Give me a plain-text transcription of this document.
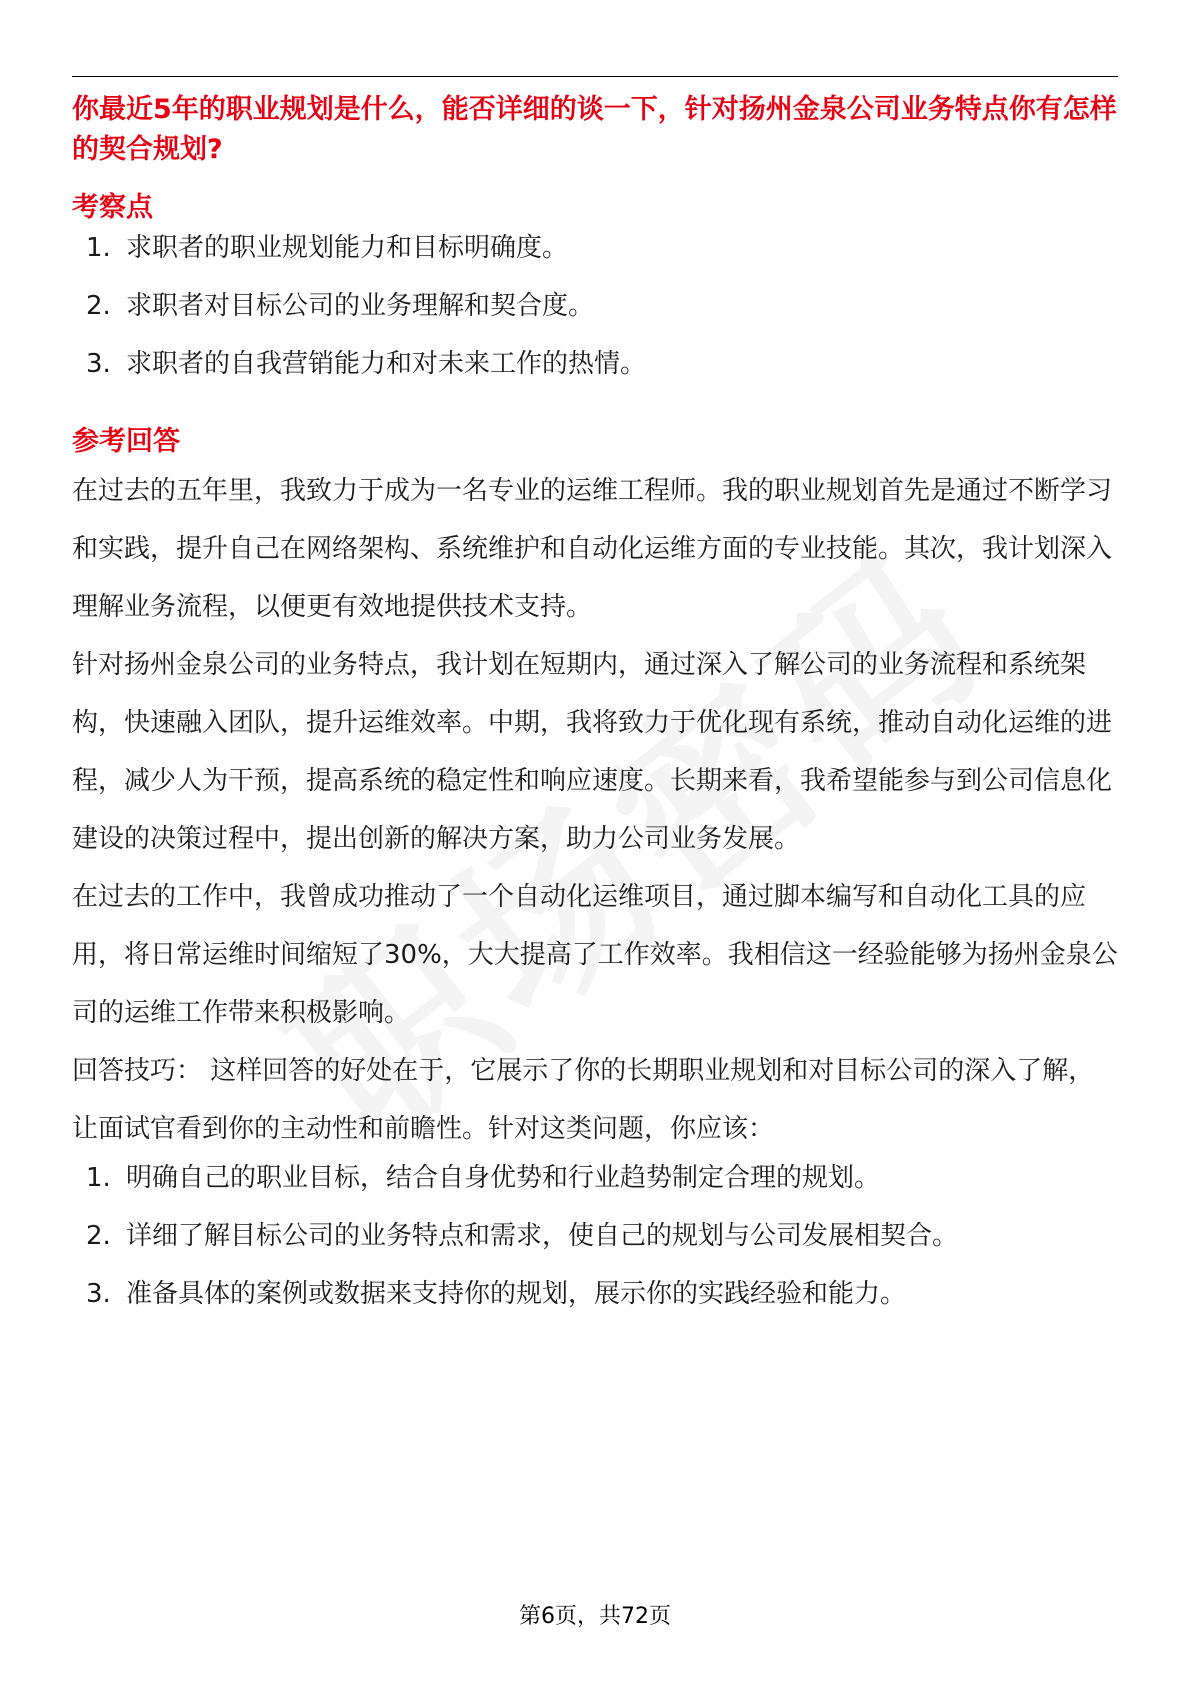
你最近5年的职业规划是什么，能否详细的谈一下，针对扬州金泉公司业务特点你有怎样的契合规划?
考察点
1. 求职者的职业规划能力和目标明确度。
2. 求职者对目标公司的业务理解和契合度。
3. 求职者的自我营销能力和对未来工作的热情。
参考回答

在过去的五年里，我致力于成为一名专业的运维工程师。我的职业规划首先是通过不断学习和实践，提升自己在网络架构、系统维护和自动化运维方面的专业技能。其次，我计划深入理解业务流程，以便更有效地提供技术支持。

针对扬州金泉公司的业务特点，我计划在短期内，通过深入了解公司的业务流程和系统架构，快速融入团队，提升运维效率。中期，我将致力于优化现有系统，推动自动化运维的进程，减少人为干预，提高系统的稳定性和响应速度。长期来看，我希望能参与到公司信息化建设的决策过程中，提出创新的解决方案，助力公司业务发展。

在过去的工作中，我曾成功推动了一个自动化运维项目，通过脚本编写和自动化工具的应用，将日常运维时间缩短了30%，大大提高了工作效率。我相信这一经验能够为扬州金泉公司的运维工作带来积极影响。

回答技巧： 这样回答的好处在于，它展示了你的长期职业规划和对目标公司的深入了解，让面试官看到你的主动性和前瞻性。针对这类问题，你应该：

1. 明确自己的职业目标，结合自身优势和行业趋势制定合理的规划。
2. 详细了解目标公司的业务特点和需求，使自己的规划与公司发展相契合。
3. 准备具体的案例或数据来支持你的规划，展示你的实践经验和能力。
第6页，共72页
